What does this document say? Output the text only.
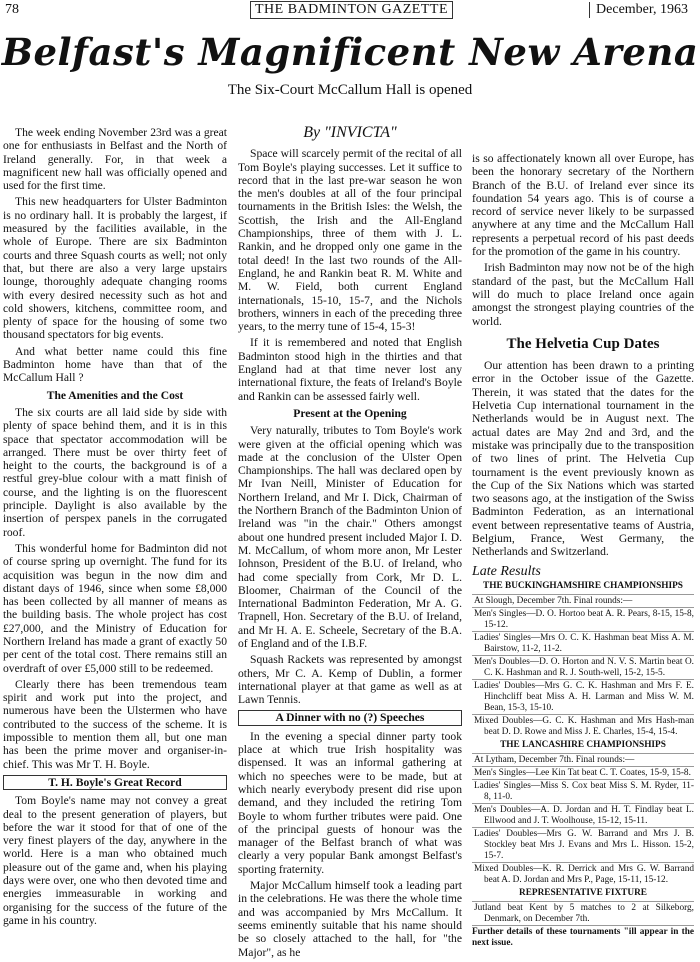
78	THE BADMINTON GAZETTE	December, 1963
Belfast's Magnificent New Arena
The Six-Court McCallum Hall is opened

The week ending November 23rd was a great one for enthusiasts in Belfast and the North of Ireland generally. For, in that week a magnificent new hall was officially opened and used for the first time.

This new headquarters for Ulster Badminton is no ordinary hall. It is probably the largest, if measured by the facilities available, in the whole of Europe. There are six Badminton courts and three Squash courts as well; not only that, but there are also a very large upstairs lounge, thoroughly adequate changing rooms with every desired necessity such as hot and cold showers, kitchens, committee room, and plenty of space for the housing of some two thousand spectators for big events.

And what better name could this fine Badminton home have than that of the McCallum Hall ?

The Amenities and the Cost

The six courts are all laid side by side with plenty of space behind them, and it is in this space that spectator accommodation will be arranged. There must be over thirty feet of height to the courts, the background is of a restful grey-blue colour with a matt finish of course, and the lighting is on the fluorescent principle. Daylight is also available by the insertion of perspex panels in the corrugated roof.

This wonderful home for Badminton did not of course spring up overnight. The fund for its acquisition was begun in the now dim and distant days of 1946, since when some £8,000 has been collected by all manner of means as the building basis. The whole project has cost £27,000, and the Ministry of Education for Northern Ireland has made a grant of exactly 50 per cent of the total cost. There remains still an overdraft of over £5,000 still to be redeemed.

Clearly there has been tremendous team spirit and work put into the project, and numerous have been the Ulstermen who have contributed to the success of the scheme. It is impossible to mention them all, but one man has been the prime mover and organiser-in-chief. This was Mr T. H. Boyle.

T. H. Boyle's Great Record

Tom Boyle's name may not convey a great deal to the present generation of players, but before the war it stood for that of one of the very finest players of the day, anywhere in the world. Here is a man who obtained much pleasure out of the game and, when his playing days were over, one who then devoted time and energies immeasurable in working and organising for the success of the future of the game in his country.

By "INVICTA"

Space will scarcely permit of the recital of all Tom Boyle's playing successes. Let it suffice to record that in the last pre-war season he won the men's doubles at all of the four principal tournaments in the British Isles: the Welsh, the Scottish, the Irish and the All-England Championships, three of them with J. L. Rankin, and he dropped only one game in the total deed! In the last two rounds of the All-England, he and Rankin beat R. M. White and M. W. Field, both current England internationals, 15-10, 15-7, and the Nichols brothers, winners in each of the preceding three years, to the merry tune of 15-4, 15-3!

If it is remembered and noted that English Badminton stood high in the thirties and that England had at that time never lost any international fixture, the feats of Ireland's Boyle and Rankin can be assessed fairly well.

Present at the Opening

Very naturally, tributes to Tom Boyle's work were given at the official opening which was made at the conclusion of the Ulster Open Championships. The hall was declared open by Mr Ivan Neill, Minister of Education for Northern Ireland, and Mr I. Dick, Chairman of the Northern Branch of the Badminton Union of Ireland was "in the chair." Others amongst about one hundred present included Major I. D. M. McCallum, of whom more anon, Mr Lester Iohnson, President of the B.U. of Ireland, who had come specially from Cork, Mr D. L. Bloomer, Chairman of the Council of the International Badminton Federation, Mr A. G. Trapnell, Hon. Secretary of the B.U. of Ireland, and Mr H. A. E. Scheele, Secretary of the B.A. of England and of the I.B.F.

Squash Rackets was represented by amongst others, Mr C. A. Kemp of Dublin, a former international player at that game as well as at Lawn Tennis.

A Dinner with no (?) Speeches

In the evening a special dinner party took place at which true Irish hospitality was dispensed. It was an informal gathering at which no speeches were to be made, but at which nearly everybody present did rise upon demand, and they included the retiring Tom Boyle to whom further tributes were paid. One of the principal guests of honour was the manager of the Belfast branch of what was clearly a very popular Bank amongst Belfast's sporting fraternity.

Major McCallum himself took a leading part in the celebrations. He was there the whole time and was accompanied by Mrs McCallum. It seems eminently suitable that his name should be so closely attached to the hall, for "the Major", as he

is so affectionately known all over Europe, has been the honorary secretary of the Northern Branch of the B.U. of Ireland ever since its foundation 54 years ago. This is of course a record of service never likely to be surpassed anywhere at any time and the McCallum Hall represents a perpetual record of his past deeds for the promotion of the game in his country.

Irish Badminton may now not be of the high standard of the past, but the McCallum Hall will do much to place Ireland once again amongst the strongest playing countries of the world.

The Helvetia Cup Dates

Our attention has been drawn to a printing error in the October issue of the Gazette. Therein, it was stated that the dates for the Helvetia Cup international tournament in the Netherlands would be in August next. The actual dates are May 2nd and 3rd, and the mistake was principally due to the transposition of two lines of print. The Helvetia Cup tournament is the event previously known as the Cup of the Six Nations which was started two seasons ago, at the instigation of the Swiss Badminton Federation, as an international event between representative teams of Austria, Belgium, France, West Germany, the Netherlands and Switzerland.

Late Results
THE BUCKINGHAMSHIRE CHAMPIONSHIPS
At Slough, December 7th. Final rounds:—
Men's Singles—D. O. Hortoo beat A. R. Pears, 8-15, 15-8, 15-12.
Ladies' Singles—Mrs O. C. K. Hashman beat Miss A. M. Bairstow, 11-2, 11-2.
Men's Doubles—D. O. Horton and N. V. S. Martin beat O. C. K. Hashman and R. J. South-well, 15-2, 15-5.
Ladies' Doubles—Mrs G. C. K. Hashman and Mrs F. E. Hinchcliff beat Miss A. H. Larman and Miss W. M. Bean, 15-3, 15-10.
Mixed Doubles—G. C. K. Hashman and Mrs Hash-man beat D. D. Rowe and Miss J. E. Charles, 15-4, 15-4.
THE LANCASHIRE CHAMPIONSHIPS
At Lytham, December 7th. Final rounds:—
Men's Singles—Lee Kin Tat beat C. T. Coates, 15-9, 15-8.
Ladies' Singles—Miss S. Cox beat Miss S. M. Ryder, 11-8, 11-0.
Men's Doubles—A. D. Jordan and H. T. Findlay beat L. Ellwood and J. T. Woolhouse, 15-12, 15-11.
Ladies' Doubles—Mrs G. W. Barrand and Mrs J. B. Stockley beat Mrs J. Evans and Mrs L. Hisson. 15-2, 15-7.
Mixed Doubles—K. R. Derrick and Mrs G. W. Barrand beat A. D. Jordan and Mrs P., Page, 15-11, 15-12.
REPRESENTATIVE FIXTURE
Jutland beat Kent by 5 matches to 2 at Silkeborg, Denmark, on December 7th.
Further details of these tournaments "ill appear in the next issue.
